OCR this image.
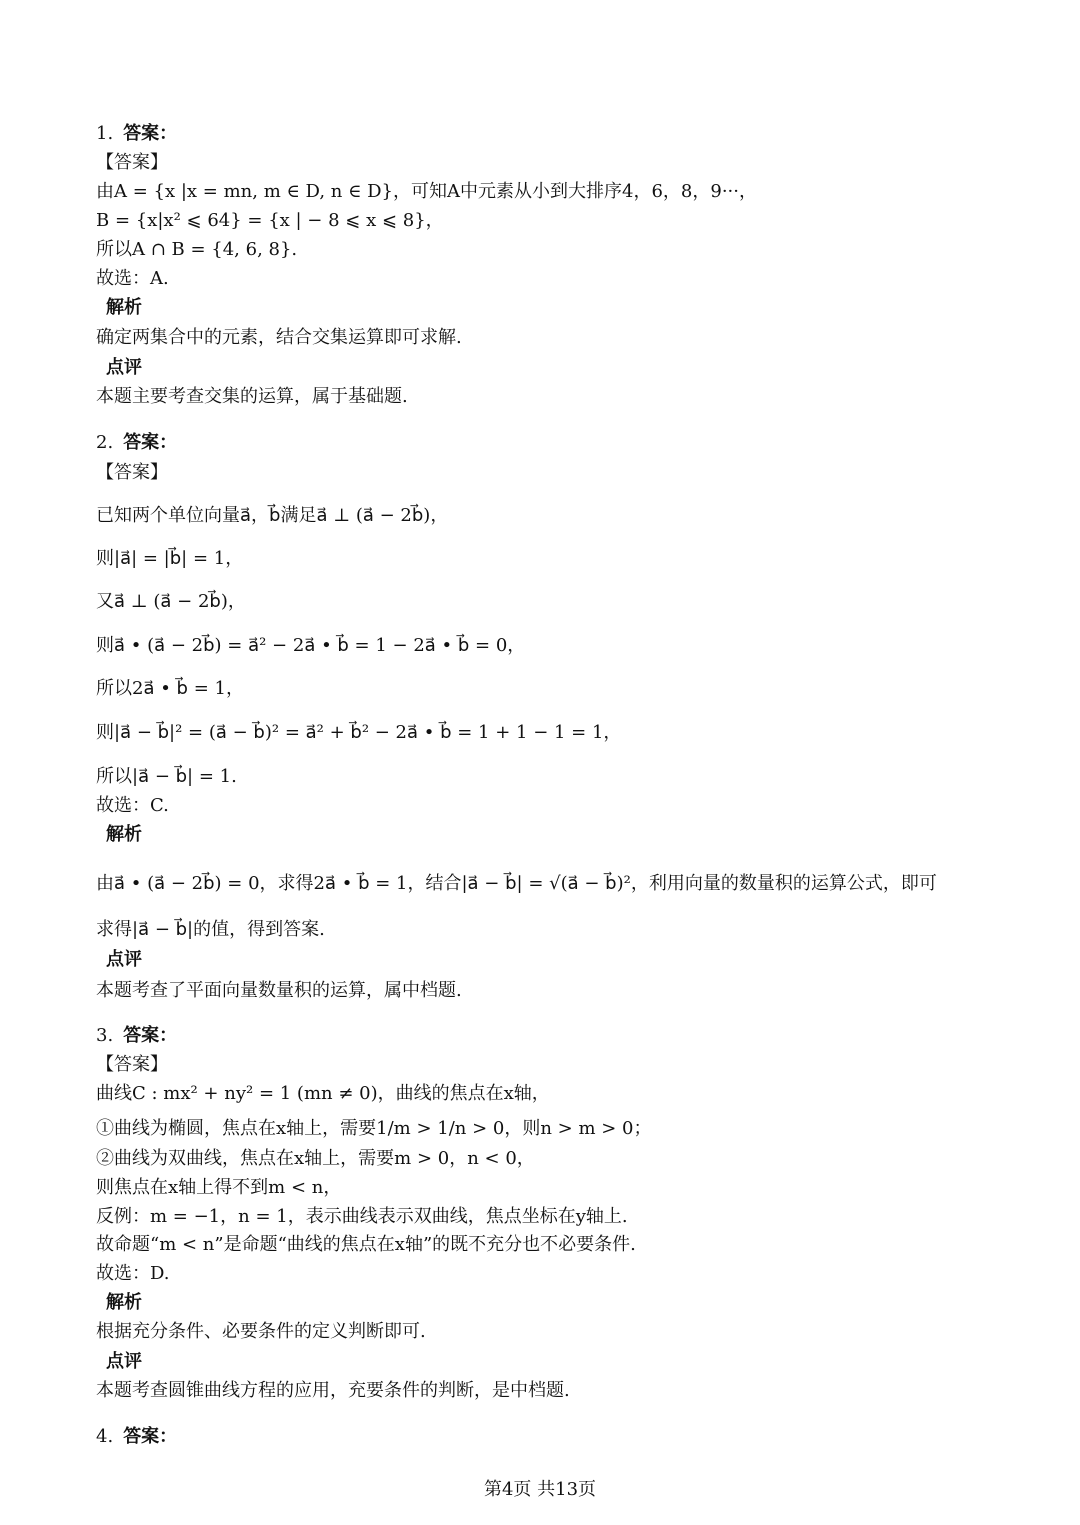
1. 答案：
【答案】
由A = {x |x = mn, m ∈ D, n ∈ D}，可知A中元素从小到大排序4，6，8，9···，
B = {x|x² ⩽ 64} = {x | − 8 ⩽ x ⩽ 8}，
所以A ∩ B = {4, 6, 8}.
故选：A.
解析
确定两集合中的元素，结合交集运算即可求解.
点评
本题主要考查交集的运算，属于基础题.
2. 答案：
【答案】
已知两个单位向量a⃗，b⃗满足a⃗ ⊥ (a⃗ − 2b⃗)，
则|a⃗| = |b⃗| = 1，
又a⃗ ⊥ (a⃗ − 2b⃗)，
则a⃗ • (a⃗ − 2b⃗) = a⃗² − 2a⃗ • b⃗ = 1 − 2a⃗ • b⃗ = 0，
所以2a⃗ • b⃗ = 1，
则|a⃗ − b⃗|² = (a⃗ − b⃗)² = a⃗² + b⃗² − 2a⃗ • b⃗ = 1 + 1 − 1 = 1，
所以|a⃗ − b⃗| = 1.
故选：C.
解析
由a⃗ • (a⃗ − 2b⃗) = 0，求得2a⃗ • b⃗ = 1，结合|a⃗ − b⃗| = √(a⃗ − b⃗)²，利用向量的数量积的运算公式，即可
求得|a⃗ − b⃗|的值，得到答案.
点评
本题考查了平面向量数量积的运算，属中档题.
3. 答案：
【答案】
曲线C : mx² + ny² = 1 (mn ≠ 0)，曲线的焦点在x轴，
①曲线为椭圆，焦点在x轴上，需要1/m > 1/n > 0，则n > m > 0；
②曲线为双曲线，焦点在x轴上，需要m > 0，n < 0，
则焦点在x轴上得不到m < n，
反例：m = −1，n = 1，表示曲线表示双曲线，焦点坐标在y轴上.
故命题“m < n”是命题“曲线的焦点在x轴”的既不充分也不必要条件.
故选：D.
解析
根据充分条件、必要条件的定义判断即可.
点评
本题考查圆锥曲线方程的应用，充要条件的判断，是中档题.
4. 答案：
第4页 共13页
